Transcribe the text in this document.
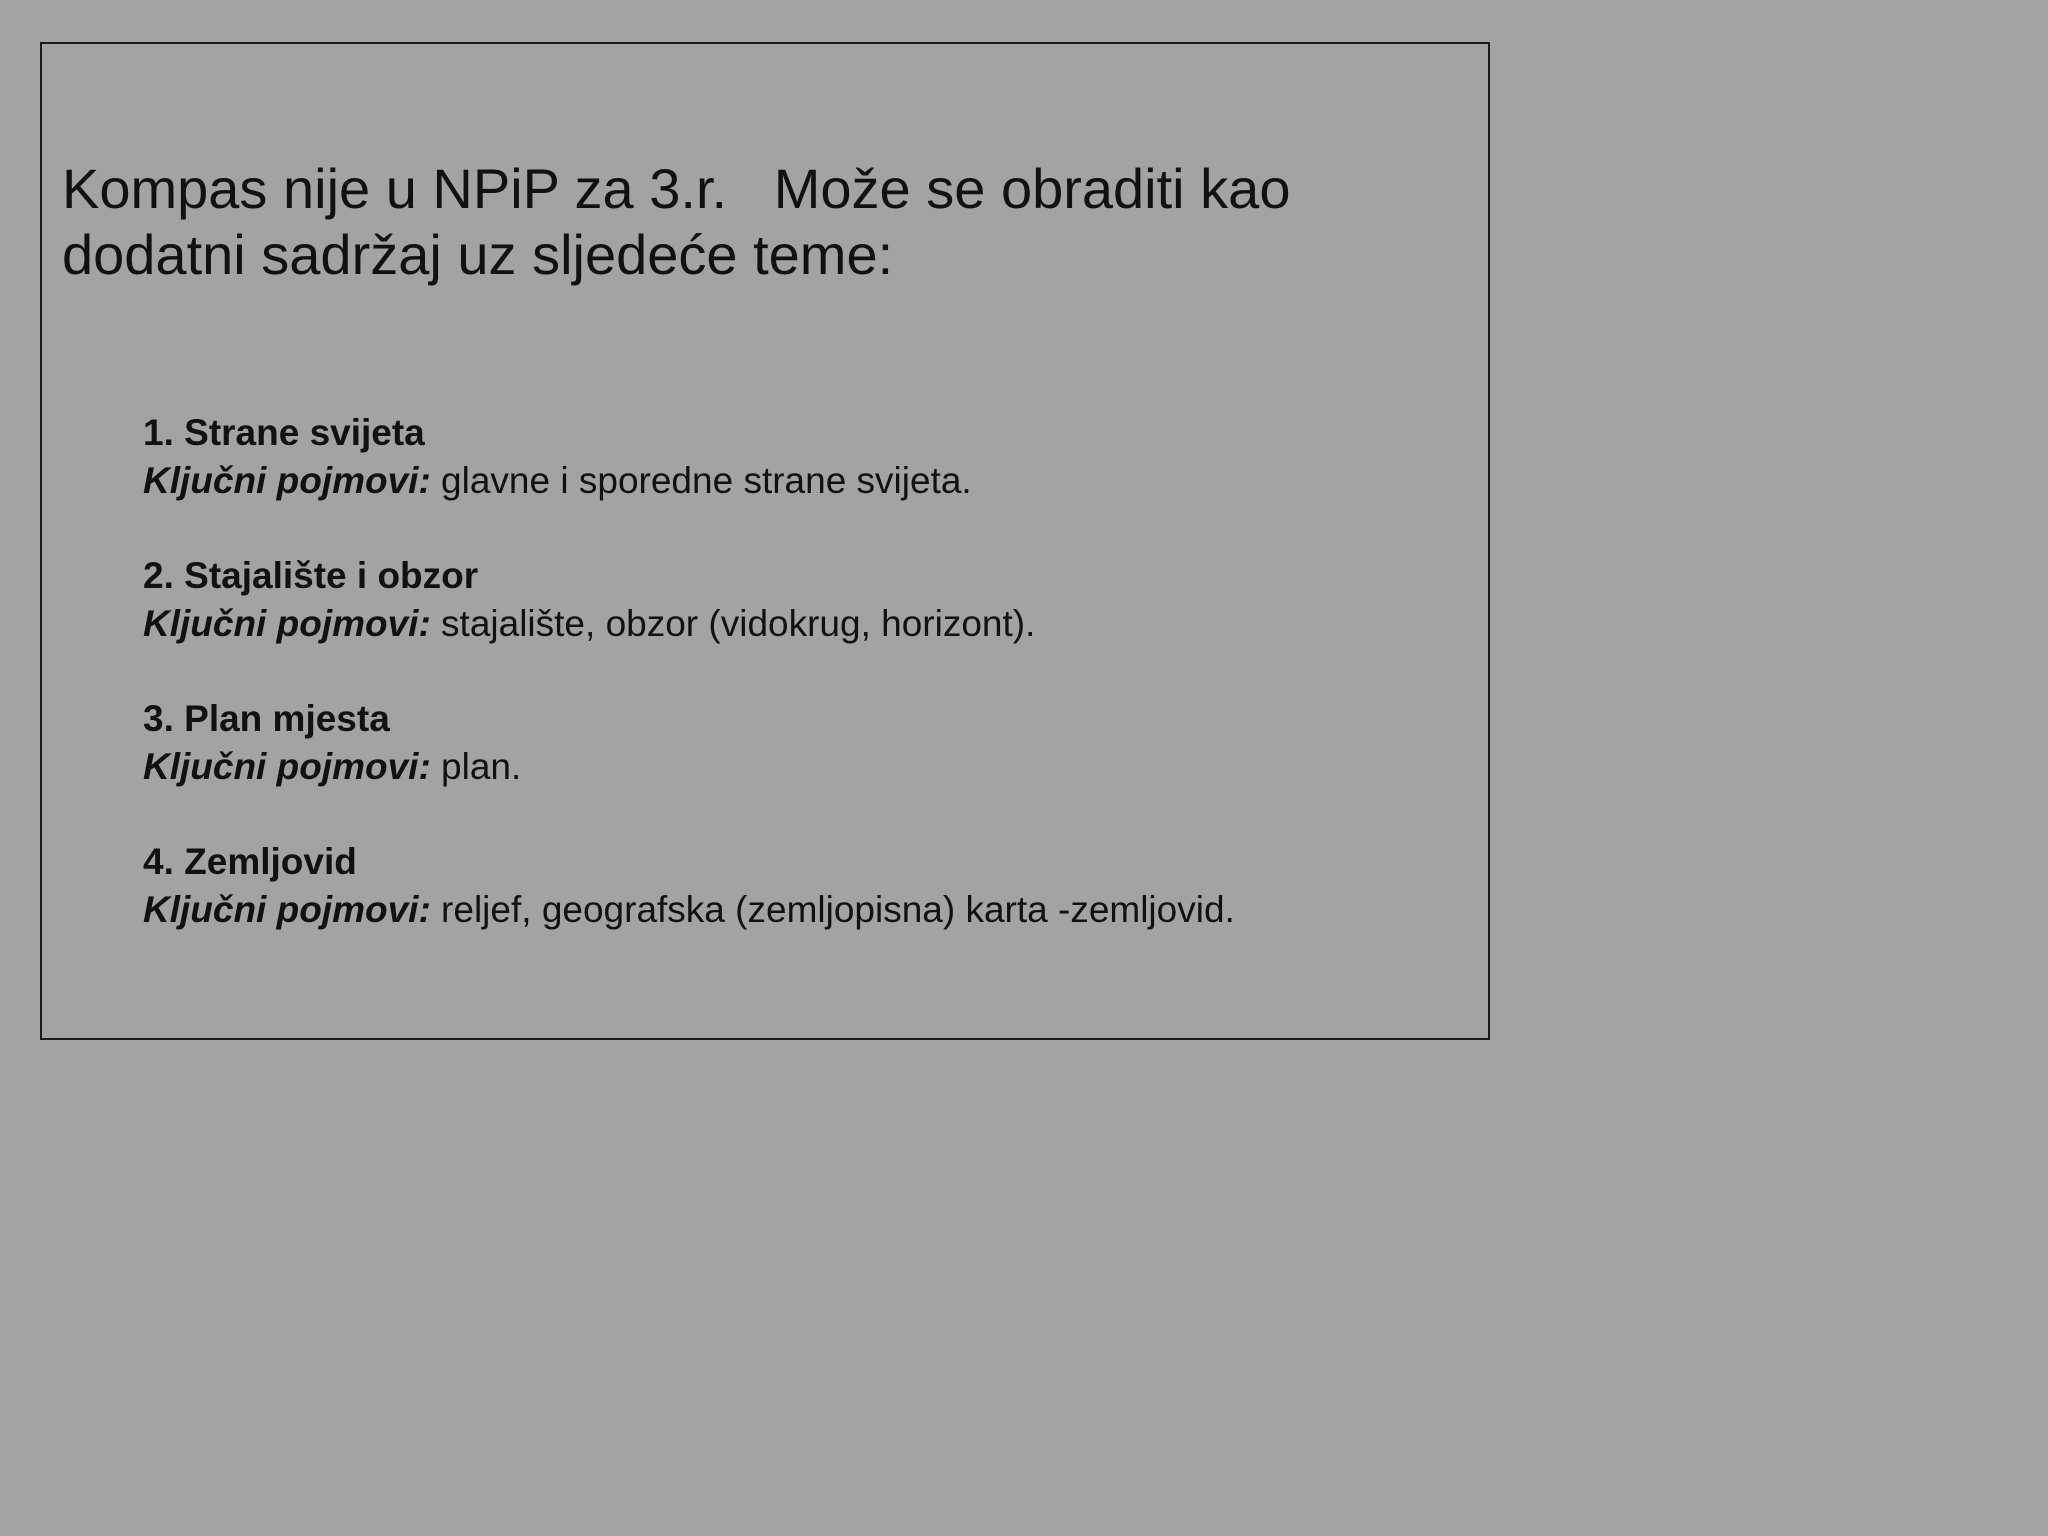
Kompas nije u NPiP za 3.r.   Može se obraditi kao
dodatni sadržaj uz sljedeće teme:

1. Strane svijeta
Ključni pojmovi: glavne i sporedne strane svijeta.
2. Stajalište i obzor
Ključni pojmovi: stajalište, obzor (vidokrug, horizont).
3. Plan mjesta
Ključni pojmovi: plan.
4. Zemljovid
Ključni pojmovi: reljef, geografska (zemljopisna) karta -zemljovid.
